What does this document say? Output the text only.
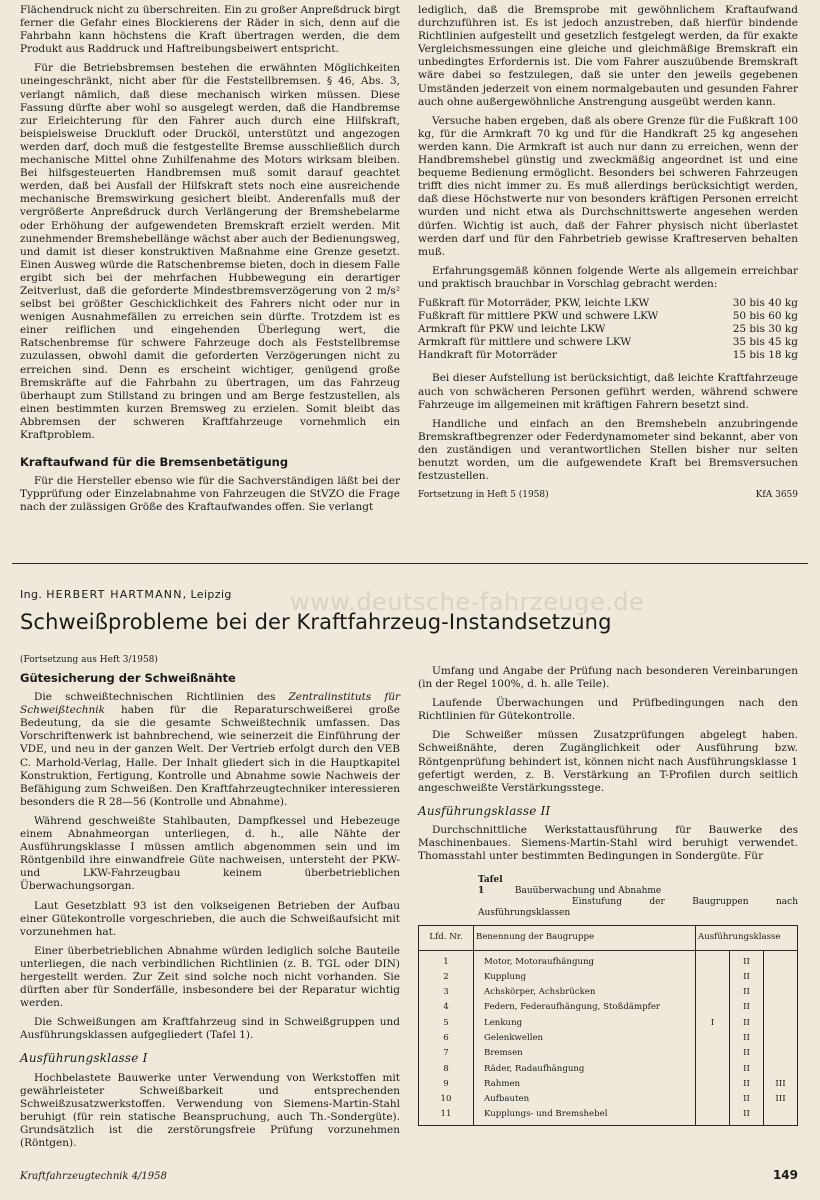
Flächendruck nicht zu überschreiten. Ein zu großer Anpreßdruck birgt ferner die Gefahr eines Blockierens der Räder in sich, denn auf die Fahrbahn kann höchstens die Kraft übertragen werden, die dem Produkt aus Raddruck und Haftreibungsbeiwert entspricht.

Für die Betriebsbremsen bestehen die erwähnten Möglichkeiten uneingeschränkt, nicht aber für die Feststellbremsen. § 46, Abs. 3, verlangt nämlich, daß diese mechanisch wirken müssen. Diese Fassung dürfte aber wohl so ausgelegt werden, daß die Handbremse zur Erleichterung für den Fahrer auch durch eine Hilfskraft, beispielsweise Druckluft oder Drucköl, unterstützt und angezogen werden darf, doch muß die festgestellte Bremse ausschließlich durch mechanische Mittel ohne Zuhilfenahme des Motors wirksam bleiben. Bei hilfsgesteuerten Handbremsen muß somit darauf geachtet werden, daß bei Ausfall der Hilfskraft stets noch eine ausreichende mechanische Bremswirkung gesichert bleibt. Anderenfalls muß der vergrößerte Anpreßdruck durch Verlängerung der Bremshebelarme oder Erhöhung der aufgewendeten Bremskraft erzielt werden. Mit zunehmender Bremshebellänge wächst aber auch der Bedienungsweg, und damit ist dieser konstruktiven Maßnahme eine Grenze gesetzt. Einen Ausweg würde die Ratschenbremse bieten, doch in diesem Falle ergibt sich bei der mehrfachen Hubbewegung ein derartiger Zeitverlust, daß die geforderte Mindestbremsverzögerung von 2 m/s² selbst bei größter Geschicklichkeit des Fahrers nicht oder nur in wenigen Ausnahmefällen zu erreichen sein dürfte. Trotzdem ist es einer reiflichen und eingehenden Überlegung wert, die Ratschenbremse für schwere Fahrzeuge doch als Feststellbremse zuzulassen, obwohl damit die geforderten Verzögerungen nicht zu erreichen sind. Denn es erscheint wichtiger, genügend große Bremskräfte auf die Fahrbahn zu übertragen, um das Fahrzeug überhaupt zum Stillstand zu bringen und am Berge festzustellen, als einen bestimmten kurzen Bremsweg zu erzielen. Somit bleibt das Abbremsen der schweren Kraftfahrzeuge vornehmlich ein Kraftproblem.

Kraftaufwand für die Bremsenbetätigung

Für die Hersteller ebenso wie für die Sachverständigen läßt bei der Typprüfung oder Einzelabnahme von Fahrzeugen die StVZO die Frage nach der zulässigen Größe des Kraftaufwandes offen. Sie verlangt

lediglich, daß die Bremsprobe mit gewöhnlichem Kraftaufwand durchzuführen ist. Es ist jedoch anzustreben, daß hierfür bindende Richtlinien aufgestellt und gesetzlich festgelegt werden, da für exakte Vergleichsmessungen eine gleiche und gleichmäßige Bremskraft ein unbedingtes Erfordernis ist. Die vom Fahrer auszuübende Bremskraft wäre dabei so festzulegen, daß sie unter den jeweils gegebenen Umständen jederzeit von einem normalgebauten und gesunden Fahrer auch ohne außergewöhnliche Anstrengung ausgeübt werden kann.

Versuche haben ergeben, daß als obere Grenze für die Fußkraft 100 kg, für die Armkraft 70 kg und für die Handkraft 25 kg angesehen werden kann. Die Armkraft ist auch nur dann zu erreichen, wenn der Handbremshebel günstig und zweckmäßig angeordnet ist und eine bequeme Bedienung ermöglicht. Besonders bei schweren Fahrzeugen trifft dies nicht immer zu. Es muß allerdings berücksichtigt werden, daß diese Höchstwerte nur von besonders kräftigen Personen erreicht wurden und nicht etwa als Durchschnittswerte angesehen werden dürfen. Wichtig ist auch, daß der Fahrer physisch nicht überlastet werden darf und für den Fahrbetrieb gewisse Kraftreserven behalten muß.

Erfahrungsgemäß können folgende Werte als allgemein erreichbar und praktisch brauchbar in Vorschlag gebracht werden:

Fußkraft für Motorräder, PKW, leichte LKW	30 bis 40 kg
Fußkraft für mittlere PKW und schwere LKW	50 bis 60 kg
Armkraft für PKW und leichte LKW	25 bis 30 kg
Armkraft für mittlere und schwere LKW	35 bis 45 kg
Handkraft für Motorräder	15 bis 18 kg

Bei dieser Aufstellung ist berücksichtigt, daß leichte Kraftfahrzeuge auch von schwächeren Personen geführt werden, während schwere Fahrzeuge im allgemeinen mit kräftigen Fahrern besetzt sind.

Handliche und einfach an den Bremshebeln anzubringende Bremskraftbegrenzer oder Federdynamometer sind bekannt, aber von den zuständigen und verantwortlichen Stellen bisher nur selten benutzt worden, um die aufgewendete Kraft bei Bremsversuchen festzustellen.

Fortsetzung in Heft 5 (1958)	KfA 3659
www.deutsche-fahrzeuge.de
Ing. HERBERT HARTMANN, Leipzig
Schweißprobleme bei der Kraftfahrzeug-Instandsetzung
(Fortsetzung aus Heft 3/1958)
Gütesicherung der Schweißnähte

Die schweißtechnischen Richtlinien des Zentralinstituts für Schweißtechnik haben für die Reparaturschweißerei große Bedeutung, da sie die gesamte Schweißtechnik umfassen. Das Vorschriftenwerk ist bahnbrechend, wie seinerzeit die Einführung der VDE, und neu in der ganzen Welt. Der Vertrieb erfolgt durch den VEB C. Marhold-Verlag, Halle. Der Inhalt gliedert sich in die Hauptkapitel Konstruktion, Fertigung, Kontrolle und Abnahme sowie Nachweis der Befähigung zum Schweißen. Den Kraftfahrzeugtechniker interessieren besonders die R 28—56 (Kontrolle und Abnahme).

Während geschweißte Stahlbauten, Dampfkessel und Hebezeuge einem Abnahmeorgan unterliegen, d. h., alle Nähte der Ausführungsklasse I müssen amtlich abgenommen sein und im Röntgenbild ihre einwandfreie Güte nachweisen, untersteht der PKW- und LKW-Fahrzeugbau keinem überbetrieblichen Überwachungsorgan.

Laut Gesetzblatt 93 ist den volkseigenen Betrieben der Aufbau einer Gütekontrolle vorgeschrieben, die auch die Schweißaufsicht mit vorzunehmen hat.

Einer überbetrieblichen Abnahme würden lediglich solche Bauteile unterliegen, die nach verbindlichen Richtlinien (z. B. TGL oder DIN) hergestellt werden. Zur Zeit sind solche noch nicht vorhanden. Sie dürften aber für Sonderfälle, insbesondere bei der Reparatur wichtig werden.

Die Schweißungen am Kraftfahrzeug sind in Schweißgruppen und Ausführungsklassen aufgegliedert (Tafel 1).

Ausführungsklasse I

Hochbelastete Bauwerke unter Verwendung von Werkstoffen mit gewährleisteter Schweißbarkeit und entsprechenden Schweißzusatzwerkstoffen. Verwendung von Siemens-Martin-Stahl beruhigt (für rein statische Beanspruchung, auch Th.-Sondergüte). Grundsätzlich ist die zerstörungsfreie Prüfung vorzunehmen (Röntgen).

Umfang und Angabe der Prüfung nach besonderen Vereinbarungen (in der Regel 100%, d. h. alle Teile).

Laufende Überwachungen und Prüfbedingungen nach den Richtlinien für Gütekontrolle.

Die Schweißer müssen Zusatzprüfungen abgelegt haben. Schweißnähte, deren Zugänglichkeit oder Ausführung bzw. Röntgenprüfung behindert ist, können nicht nach Ausführungsklasse 1 gefertigt werden, z. B. Verstärkung an T-Profilen durch seitlich angeschweißte Verstärkungsstege.

Ausführungsklasse II

Durchschnittliche Werkstattausführung für Bauwerke des Maschinenbaues. Siemens-Martin-Stahl wird beruhigt verwendet. Thomasstahl unter bestimmten Bedingungen in Sondergüte. Für

Tafel 1	Bauüberwachung und Abnahme
Einstufung der Baugruppen nach Ausführungsklassen
Lfd. Nr.	Benennung der Baugruppe	Ausführungsklasse		
1	Motor, Motoraufhängung		II	
2	Kupplung		II	
3	Achskörper, Achsbrücken		II	
4	Federn, Federaufhängung, Stoßdämpfer		II	
5	Lenkung	I	II	
6	Gelenkwellen		II	
7	Bremsen		II	
8	Räder, Radaufhängung		II	
9	Rahmen		II	III
10	Aufbauten		II	III
11	Kupplungs- und Bremshebel		II	
Kraftfahrzeugtechnik 4/1958	149
